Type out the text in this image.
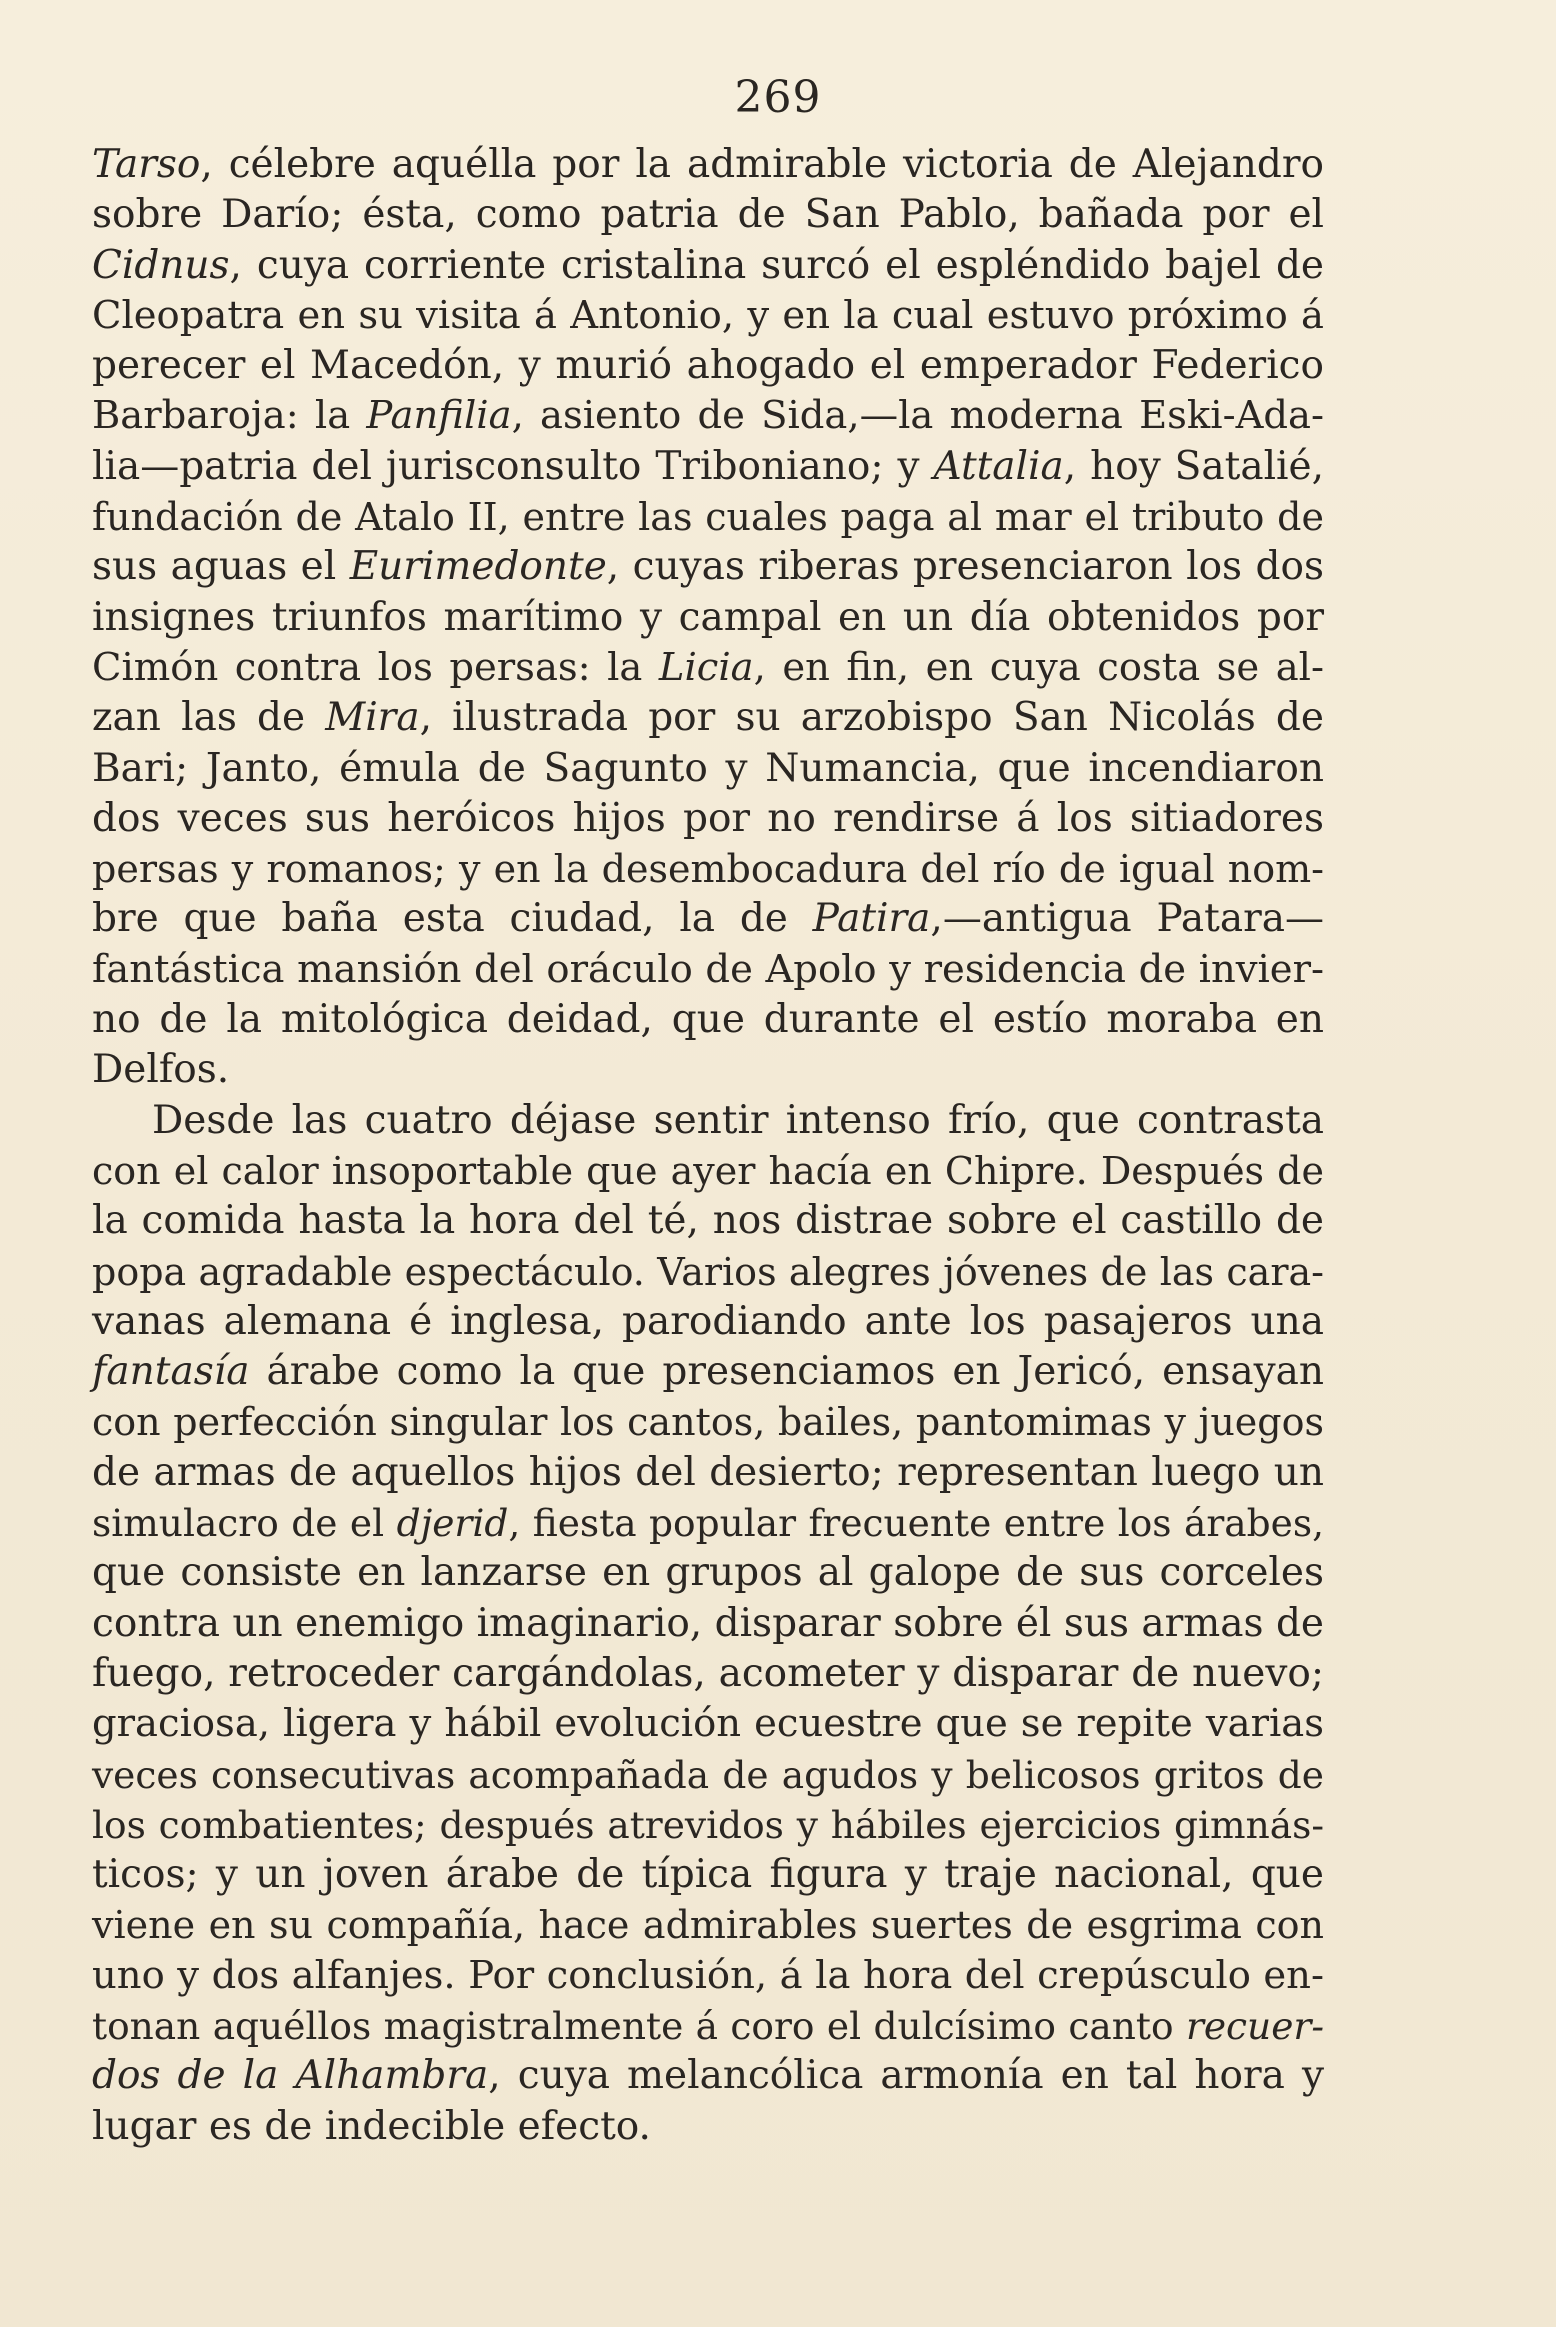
269
Tarso, célebre aquélla por la admirable victoria de Alejandro
sobre Darío; ésta, como patria de San Pablo, bañada por el
Cidnus, cuya corriente cristalina surcó el espléndido bajel de
Cleopatra en su visita á Antonio, y en la cual estuvo próximo á
perecer el Macedón, y murió ahogado el emperador Federico
Barbaroja: la Panfilia, asiento de Sida,—la moderna Eski-Ada-
lia—patria del jurisconsulto Triboniano; y Attalia, hoy Satalié,
fundación de Atalo II, entre las cuales paga al mar el tributo de
sus aguas el Eurimedonte, cuyas riberas presenciaron los dos
insignes triunfos marítimo y campal en un día obtenidos por
Cimón contra los persas: la Licia, en fin, en cuya costa se al-
zan las de Mira, ilustrada por su arzobispo San Nicolás de
Bari; Janto, émula de Sagunto y Numancia, que incendiaron
dos veces sus heróicos hijos por no rendirse á los sitiadores
persas y romanos; y en la desembocadura del río de igual nom-
bre que baña esta ciudad, la de Patira,—antigua Patara—
fantástica mansión del oráculo de Apolo y residencia de invier-
no de la mitológica deidad, que durante el estío moraba en
Delfos.
Desde las cuatro déjase sentir intenso frío, que contrasta
con el calor insoportable que ayer hacía en Chipre. Después de
la comida hasta la hora del té, nos distrae sobre el castillo de
popa agradable espectáculo. Varios alegres jóvenes de las cara-
vanas alemana é inglesa, parodiando ante los pasajeros una
fantasía árabe como la que presenciamos en Jericó, ensayan
con perfección singular los cantos, bailes, pantomimas y juegos
de armas de aquellos hijos del desierto; representan luego un
simulacro de el djerid, fiesta popular frecuente entre los árabes,
que consiste en lanzarse en grupos al galope de sus corceles
contra un enemigo imaginario, disparar sobre él sus armas de
fuego, retroceder cargándolas, acometer y disparar de nuevo;
graciosa, ligera y hábil evolución ecuestre que se repite varias
veces consecutivas acompañada de agudos y belicosos gritos de
los combatientes; después atrevidos y hábiles ejercicios gimnás-
ticos; y un joven árabe de típica figura y traje nacional, que
viene en su compañía, hace admirables suertes de esgrima con
uno y dos alfanjes. Por conclusión, á la hora del crepúsculo en-
tonan aquéllos magistralmente á coro el dulcísimo canto recuer-
dos de la Alhambra, cuya melancólica armonía en tal hora y
lugar es de indecible efecto.
